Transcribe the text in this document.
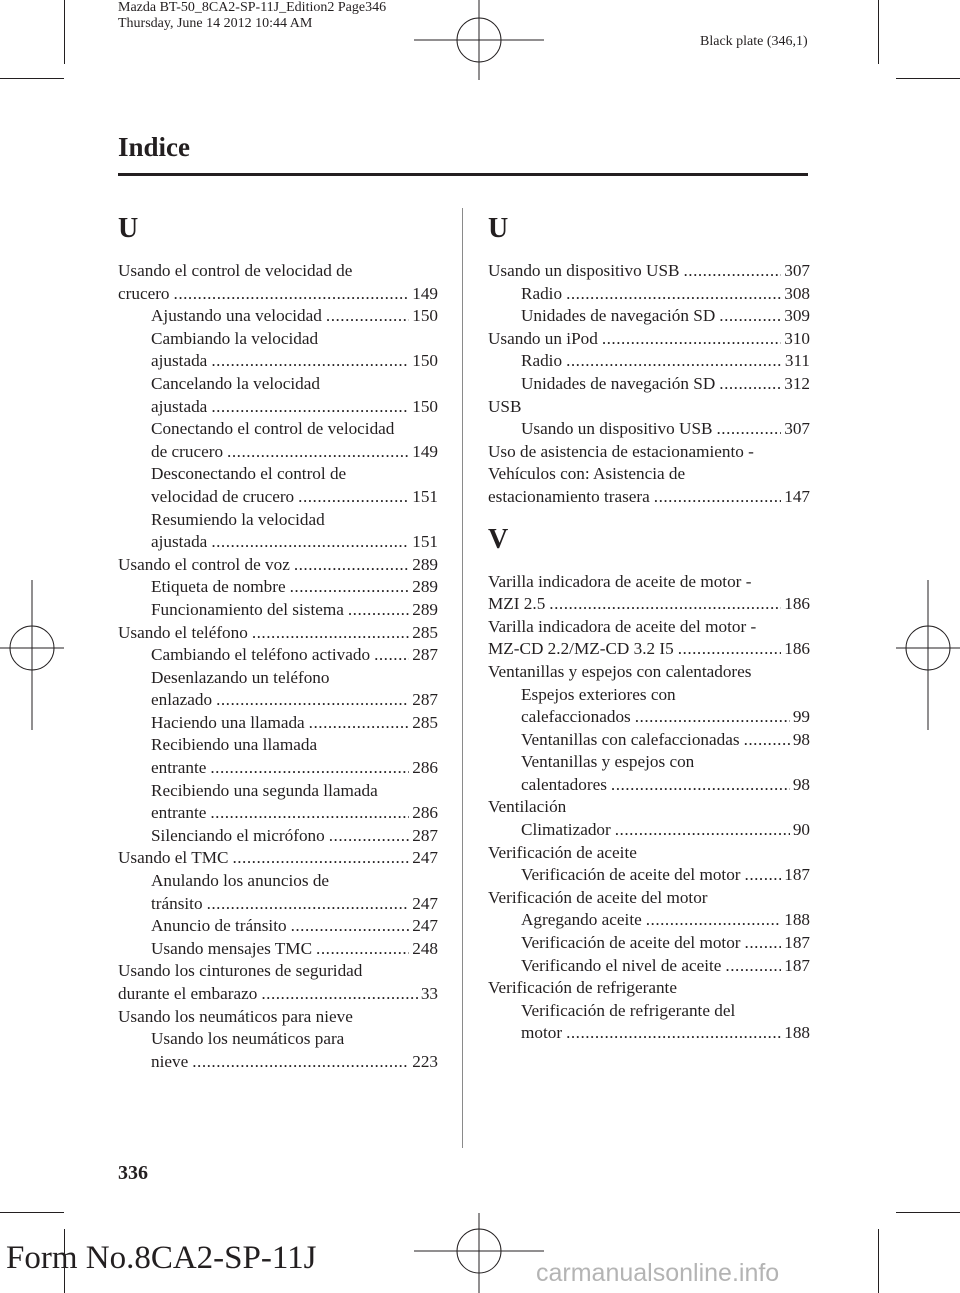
Mazda BT-50_8CA2-SP-11J_Edition2 Page346
Thursday, June 14 2012 10:44 AM
Black plate (346,1)
Indice
U
Usando el control de velocidad de
crucero .....	149
Ajustando una velocidad .....	150
Cambiando la velocidad
ajustada .....	150
Cancelando la velocidad
ajustada .....	150
Conectando el control de velocidad
de crucero .....	149
Desconectando el control de
velocidad de crucero .....	151
Resumiendo la velocidad
ajustada .....	151
Usando el control de voz .....	289
Etiqueta de nombre .....	289
Funcionamiento del sistema .....	289
Usando el teléfono .....	285
Cambiando el teléfono activado ..... 287
Desenlazando un teléfono
enlazado .....	287
Haciendo una llamada .....	285
Recibiendo una llamada
entrante .....	286
Recibiendo una segunda llamada
entrante .....	286
Silenciando el micrófono .....	287
Usando el TMC .....	247
Anulando los anuncios de
tránsito .....	247
Anuncio de tránsito .....	247
Usando mensajes TMC .....	248
Usando los cinturones de seguridad
durante el embarazo .....	33
Usando los neumáticos para nieve
Usando los neumáticos para
nieve .....	223
U
Usando un dispositivo USB .....	307
Radio .....	308
Unidades de navegación SD .....	309
Usando un iPod .....	310
Radio .....	311
Unidades de navegación SD .....	312
USB
Usando un dispositivo USB .....	307
Uso de asistencia de estacionamiento -
Vehículos con: Asistencia de
estacionamiento trasera .....	147
V
Varilla indicadora de aceite de motor -
MZI 2.5 .....	186
Varilla indicadora de aceite del motor -
MZ-CD 2.2/MZ-CD 3.2 I5 .....	186
Ventanillas y espejos con calentadores
Espejos exteriores con
calefaccionados .....	99
Ventanillas con calefaccionadas .....	98
Ventanillas y espejos con
calentadores .....	98
Ventilación
Climatizador .....	90
Verificación de aceite
Verificación de aceite del motor .....	187
Verificación de aceite del motor
Agregando aceite .....	188
Verificación de aceite del motor .....	187
Verificando el nivel de aceite .....	187
Verificación de refrigerante
Verificación de refrigerante del
motor .....	188
336
Form No.8CA2-SP-11J	carmanualsonline.info
